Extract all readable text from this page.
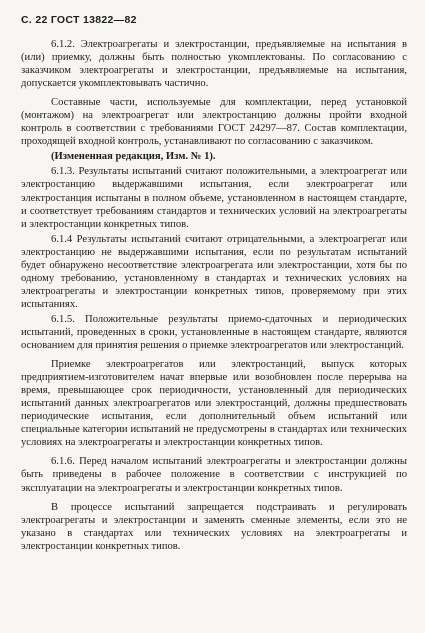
С. 22 ГОСТ 13822—82

6.1.2. Электроагрегаты и электростанции, предъявляемые на испытания в (или) приемку, должны быть полностью укомплектованы. По согласованию с заказчиком электроагрегаты и электростанции, предъявляемые на испытания, допускается укомплектовывать частично.

Составные части, используемые для комплектации, перед установкой (монтажом) на электроагрегат или электростанцию должны пройти входной контроль в соответствии с требованиями ГОСТ 24297—87. Состав комплектации, проходящей входной контроль, устанавливают по согласованию с заказчиком.

(Измененная редакция, Изм. № 1).

6.1.3. Результаты испытаний считают положительными, а электроагрегат или электростанцию выдержавшими испытания, если электроагрегат или электростанция испытаны в полном объеме, установленном в настоящем стандарте, и соответствует требованиям стандартов и технических условий на электроагрегаты и электростанции конкретных типов.

6.1.4 Результаты испытаний считают отрицательными, а электроагрегат или электростанцию не выдержавшими испытания, если по результатам испытаний будет обнаружено несоответствие электроагрегата или электростанции, хотя бы по одному требованию, установленному в стандартах и технических условиях на электроагрегаты и электростанции конкретных типов, проверяемому при этих испытаниях.

6.1.5. Положительные результаты приемо-сдаточных и периодических испытаний, проведенных в сроки, установленные в настоящем стандарте, являются основанием для принятия решения о приемке электроагрегатов или электростанций.

Приемке электроагрегатов или электростанций, выпуск которых предприятием-изготовителем начат впервые или возобновлен после перерыва на время, превышающее срок периодичности, установленный для периодических испытаний данных электроагрегатов или электростанций, должны предшествовать периодические испытания, если дополнительный объем испытаний или специальные категории испытаний не предусмотрены в стандартах или технических условиях на электроагрегаты и электростанции конкретных типов.

6.1.6. Перед началом испытаний электроагрегаты и электростанции должны быть приведены в рабочее положение в соответствии с инструкцией по эксплуатации на электроагрегаты и электростанции конкретных типов.

В процессе испытаний запрещается подстраивать и регулировать электроагрегаты и электростанции и заменять сменные элементы, если это не указано в стандартах или технических условиях на электроагрегаты и электростанции конкретных типов.
